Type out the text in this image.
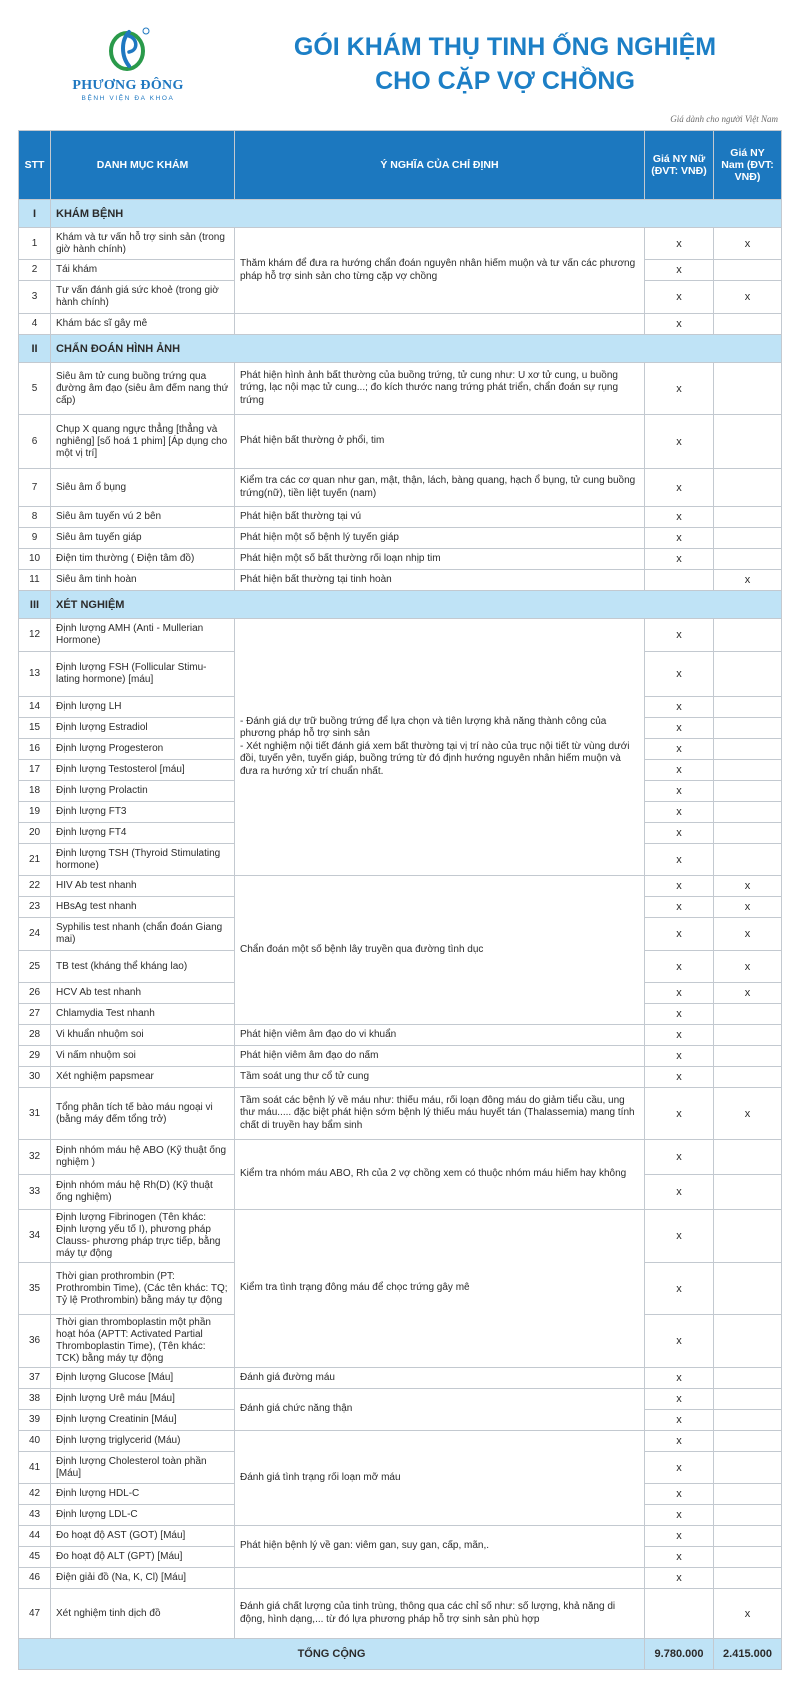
PHƯƠNG ĐÔNG
BỆNH VIỆN ĐA KHOA
GÓI KHÁM THỤ TINH ỐNG NGHIỆM
CHO CẶP VỢ CHỒNG
Giá dành cho người Việt Nam
STT	DANH MỤC KHÁM	Ý NGHĨA CỦA CHỈ ĐỊNH	Giá NY Nữ (ĐVT: VNĐ)	Giá NY Nam (ĐVT: VNĐ)
I	KHÁM BỆNH			
1	Khám và tư vấn hỗ trợ sinh sản (trong giờ hành chính)	Thăm khám để đưa ra hướng chẩn đoán nguyên nhân hiếm muộn và tư vấn các phương pháp hỗ trợ sinh sản cho từng cặp vợ chồng	x	x
2	Tái khám		x	
3	Tư vấn đánh giá sức khoẻ (trong giờ hành chính)		x	x
4	Khám bác sĩ gây mê		x	
II	CHẨN ĐOÁN HÌNH ẢNH			
5	Siêu âm tử cung buồng trứng qua đường âm đạo (siêu âm đếm nang thứ cấp)	Phát hiện hình ảnh bất thường của buồng trứng, tử cung như: U xơ tử cung, u buồng trứng, lạc nội mạc tử cung...; đo kích thước nang trứng phát triển, chẩn đoán sự rụng trứng	x	
6	Chụp X quang ngực thẳng [thẳng và nghiêng] [số hoá 1 phim] [Áp dụng cho một vị trí]	Phát hiện bất thường ở phổi, tim	x	
7	Siêu âm ổ bụng	Kiểm tra các cơ quan như gan, mật, thận, lách, bàng quang, hạch ổ bụng, tử cung buồng trứng(nữ), tiền liệt tuyến (nam)	x	
8	Siêu âm tuyến vú 2 bên	Phát hiện bất thường tại vú	x	
9	Siêu âm tuyến giáp	Phát hiện một số bệnh lý tuyến giáp	x	
10	Điện tim thường ( Điện tâm đồ)	Phát hiện một số bất thường rối loạn nhịp tim	x	
11	Siêu âm tinh hoàn	Phát hiện bất thường tại tinh hoàn		x
III	XÉT NGHIỆM			
12	Định lượng AMH (Anti - Mullerian Hormone)	- Đánh giá dự trữ buồng trứng để lựa chọn và tiên lượng khả năng thành công của phương pháp hỗ trợ sinh sản
- Xét nghiệm nội tiết đánh giá xem bất thường tại vị trí nào của trục nội tiết từ vùng dưới đồi, tuyến yên, tuyến giáp, buồng trứng từ đó định hướng nguyên nhân hiếm muộn và đưa ra hướng xử trí chuẩn nhất.	x	
13	Định lượng FSH (Follicular Stimu-lating hormone) [máu]		x	
14	Định lượng LH		x	
15	Định lượng Estradiol		x	
16	Định lượng Progesteron		x	
17	Định lượng Testosterol [máu]		x	
18	Định lượng Prolactin		x	
19	Định lượng FT3		x	
20	Định lượng FT4		x	
21	Định lượng TSH (Thyroid Stimulating hormone)		x	
22	HIV Ab test nhanh	Chẩn đoán một số bệnh lây truyền qua đường tình dục	x	x
23	HBsAg test nhanh		x	x
24	Syphilis test nhanh (chẩn đoán Giang mai)		x	x
25	TB test (kháng thể kháng lao)		x	x
26	HCV Ab test nhanh		x	x
27	Chlamydia Test nhanh		x	
28	Vi khuẩn nhuộm soi	Phát hiện viêm âm đạo do vi khuẩn	x	
29	Vi nấm nhuộm soi	Phát hiện viêm âm đạo do nấm	x	
30	Xét nghiệm papsmear	Tầm soát ung thư cổ tử cung	x	
31	Tổng phân tích tế bào máu ngoại vi (bằng máy đếm tổng trở)	Tầm soát các bệnh lý về máu như: thiếu máu, rối loạn đông máu do giảm tiểu cầu, ung thư máu..... đặc biệt phát hiện sớm bệnh lý thiếu máu huyết tán (Thalassemia) mang tính chất di truyền hay bẩm sinh	x	x
32	Định nhóm máu hệ ABO (Kỹ thuật ống nghiệm )	Kiểm tra nhóm máu ABO, Rh của 2 vợ chồng xem có thuộc nhóm máu hiếm hay không	x	
33	Định nhóm máu hệ Rh(D) (Kỹ thuật ống nghiệm)		x	
34	Định lượng Fibrinogen (Tên khác: Định lượng yếu tố I), phương pháp Clauss- phương pháp trực tiếp, bằng máy tự động	Kiểm tra tình trạng đông máu để chọc trứng gây mê	x	
35	Thời gian prothrombin (PT: Prothrombin Time), (Các tên khác: TQ; Tỷ lệ Prothrombin) bằng máy tự động		x	
36	Thời gian thromboplastin một phần hoạt hóa (APTT: Activated Partial Thromboplastin Time), (Tên khác: TCK) bằng máy tự động		x	
37	Định lượng Glucose [Máu]	Đánh giá đường máu	x	
38	Định lượng Urê máu [Máu]	Đánh giá chức năng thận	x	
39	Định lượng Creatinin [Máu]		x	
40	Định lượng triglycerid (Máu)	Đánh giá tình trạng rối loạn mỡ máu	x	
41	Định lượng Cholesterol toàn phần [Máu]		x	
42	Định lượng HDL-C		x	
43	Định lượng LDL-C		x	
44	Đo hoạt độ AST (GOT) [Máu]	Phát hiện bệnh lý về gan: viêm gan, suy gan, cấp, mãn,.	x	
45	Đo hoạt độ ALT (GPT) [Máu]		x	
46	Điện giải đồ (Na, K, Cl) [Máu]		x	
47	Xét nghiệm tinh dịch đồ	Đánh giá chất lượng của tinh trùng, thông qua các chỉ số như: số lượng, khả năng di động, hình dạng,... từ đó lựa phương pháp hỗ trợ sinh sản phù hợp		x
TỔNG CỘNG			9.780.000	2.415.000
